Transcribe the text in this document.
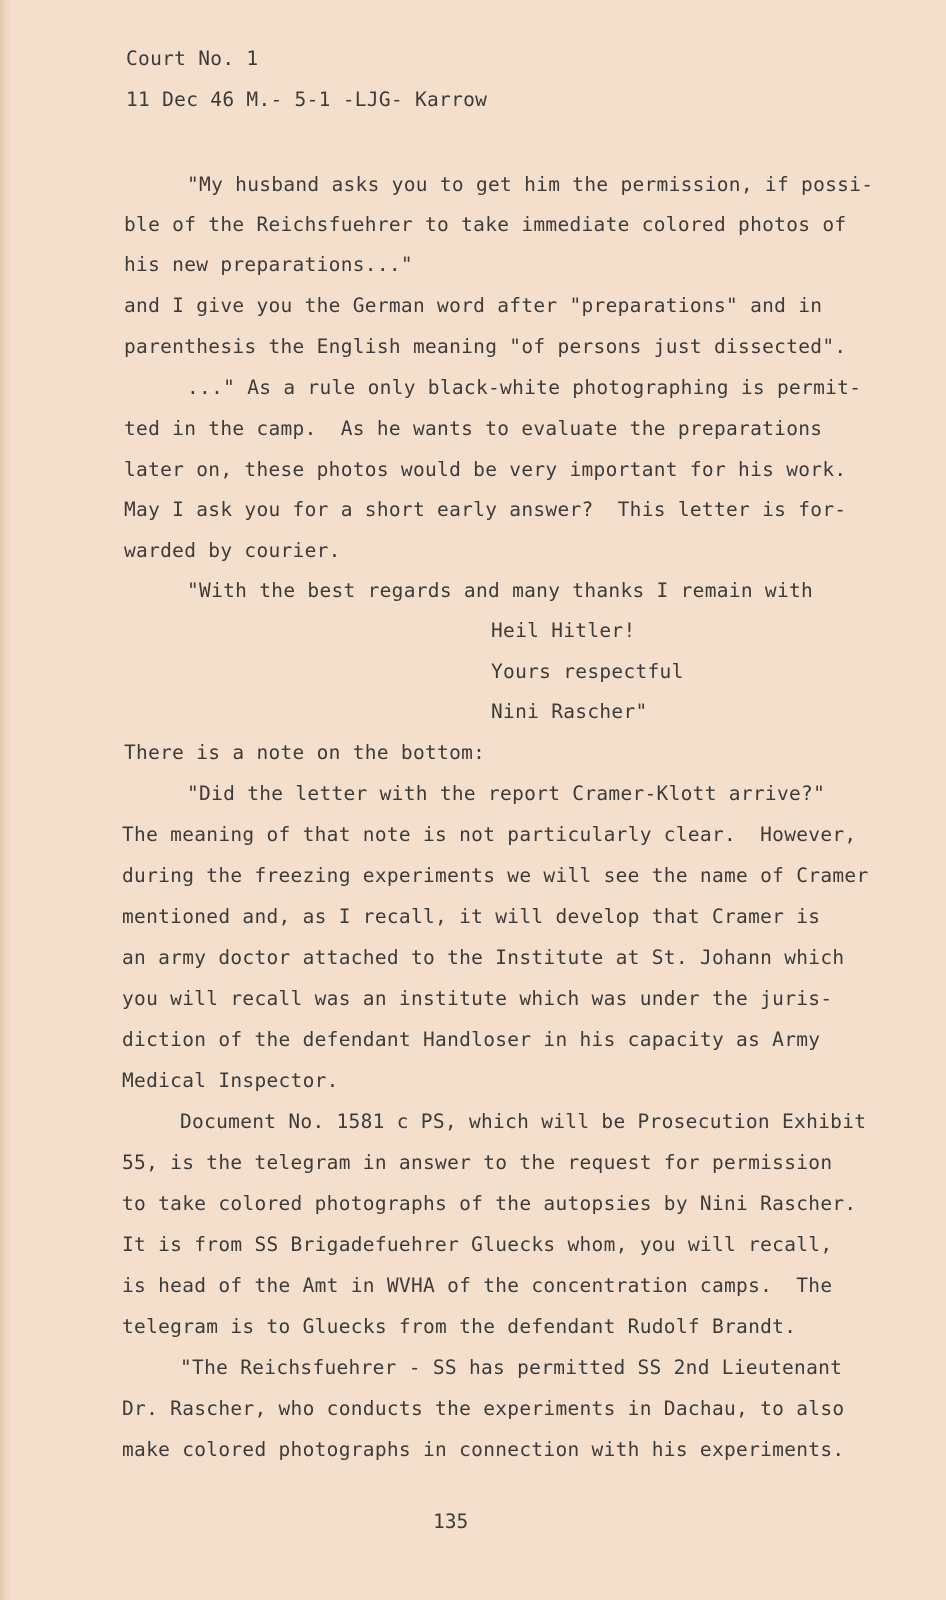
Court No. 1

11 Dec 46 M.- 5-1 -LJG- Karrow

"My husband asks you to get him the permission, if possi-

ble of the Reichsfuehrer to take immediate colored photos of

his new preparations..."

and I give you the German word after "preparations" and in

parenthesis the English meaning "of persons just dissected".

..." As a rule only black-white photographing is permit-

ted in the camp.  As he wants to evaluate the preparations

later on, these photos would be very important for his work.

May I ask you for a short early answer?  This letter is for-

warded by courier.

"With the best regards and many thanks I remain with

Heil Hitler!

Yours respectful

Nini Rascher"

There is a note on the bottom:

"Did the letter with the report Cramer-Klott arrive?"

The meaning of that note is not particularly clear.  However,

during the freezing experiments we will see the name of Cramer

mentioned and, as I recall, it will develop that Cramer is

an army doctor attached to the Institute at St. Johann which

you will recall was an institute which was under the juris-

diction of the defendant Handloser in his capacity as Army

Medical Inspector.

Document No. 1581 c PS, which will be Prosecution Exhibit

55, is the telegram in answer to the request for permission

to take colored photographs of the autopsies by Nini Rascher.

It is from SS Brigadefuehrer Gluecks whom, you will recall,

is head of the Amt in WVHA of the concentration camps.  The

telegram is to Gluecks from the defendant Rudolf Brandt.

"The Reichsfuehrer - SS has permitted SS 2nd Lieutenant

Dr. Rascher, who conducts the experiments in Dachau, to also

make colored photographs in connection with his experiments.

135
